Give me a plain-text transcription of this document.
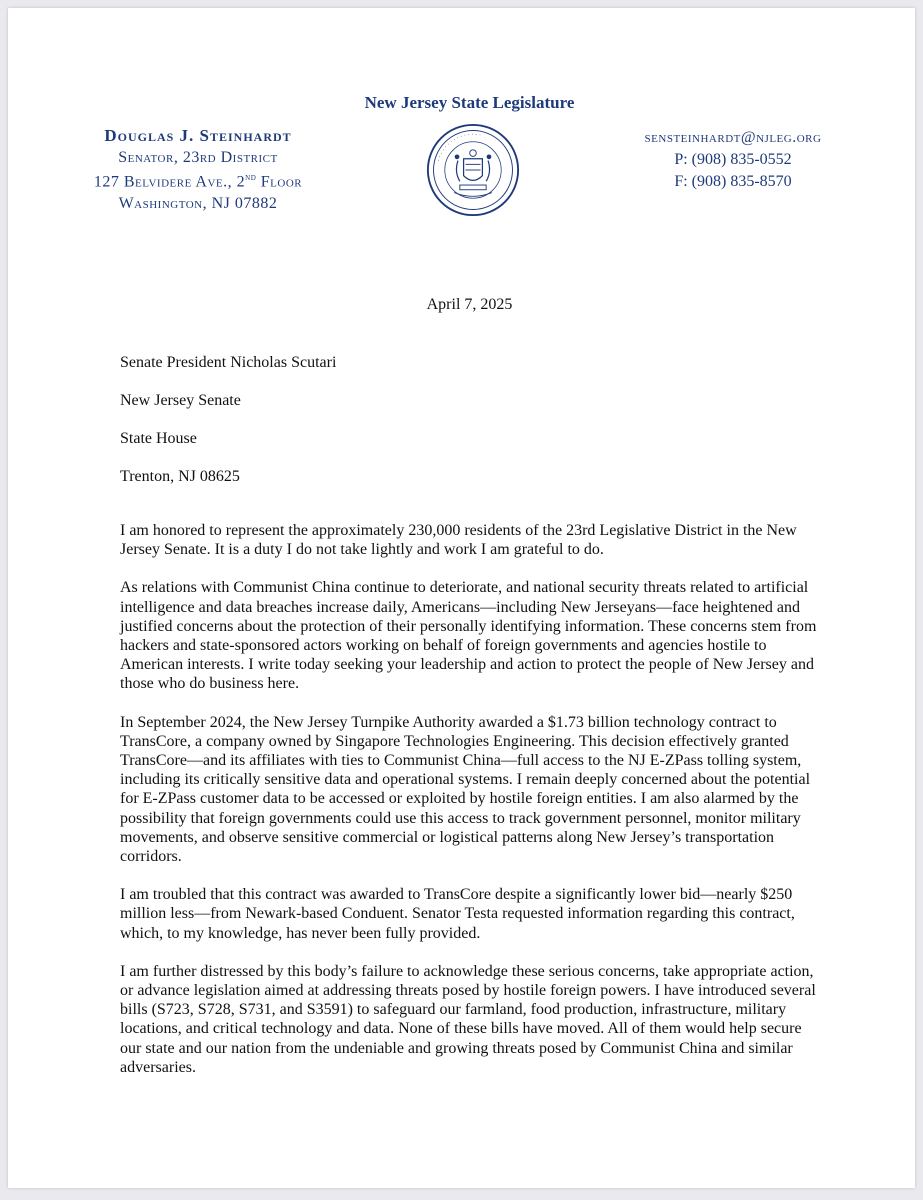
New Jersey State Legislature
Douglas J. Steinhardt
Senator, 23rd District
127 Belvidere Ave., 2nd Floor
Washington, NJ 07882
· · · · · · · · · · · · · · ·	sensteinhardt@njleg.org
P: (908) 835-0552
F: (908) 835-8570
April 7, 2025
Senate President Nicholas Scutari
New Jersey Senate
State House
Trenton, NJ 08625

I am honored to represent the approximately 230,000 residents of the 23rd Legislative District in the New Jersey Senate. It is a duty I do not take lightly and work I am grateful to do.

As relations with Communist China continue to deteriorate, and national security threats related to artificial intelligence and data breaches increase daily, Americans—including New Jerseyans—face heightened and justified concerns about the protection of their personally identifying information. These concerns stem from hackers and state-sponsored actors working on behalf of foreign governments and agencies hostile to American interests. I write today seeking your leadership and action to protect the people of New Jersey and those who do business here.

In September 2024, the New Jersey Turnpike Authority awarded a $1.73 billion technology contract to TransCore, a company owned by Singapore Technologies Engineering. This decision effectively granted TransCore—and its affiliates with ties to Communist China—full access to the NJ E-ZPass tolling system, including its critically sensitive data and operational systems. I remain deeply concerned about the potential for E-ZPass customer data to be accessed or exploited by hostile foreign entities. I am also alarmed by the possibility that foreign governments could use this access to track government personnel, monitor military movements, and observe sensitive commercial or logistical patterns along New Jersey’s transportation corridors.

I am troubled that this contract was awarded to TransCore despite a significantly lower bid—nearly $250 million less—from Newark-based Conduent. Senator Testa requested information regarding this contract, which, to my knowledge, has never been fully provided.

I am further distressed by this body’s failure to acknowledge these serious concerns, take appropriate action, or advance legislation aimed at addressing threats posed by hostile foreign powers. I have introduced several bills (S723, S728, S731, and S3591) to safeguard our farmland, food production, infrastructure, military locations, and critical technology and data. None of these bills have moved. All of them would help secure our state and our nation from the undeniable and growing threats posed by Communist China and similar adversaries.
